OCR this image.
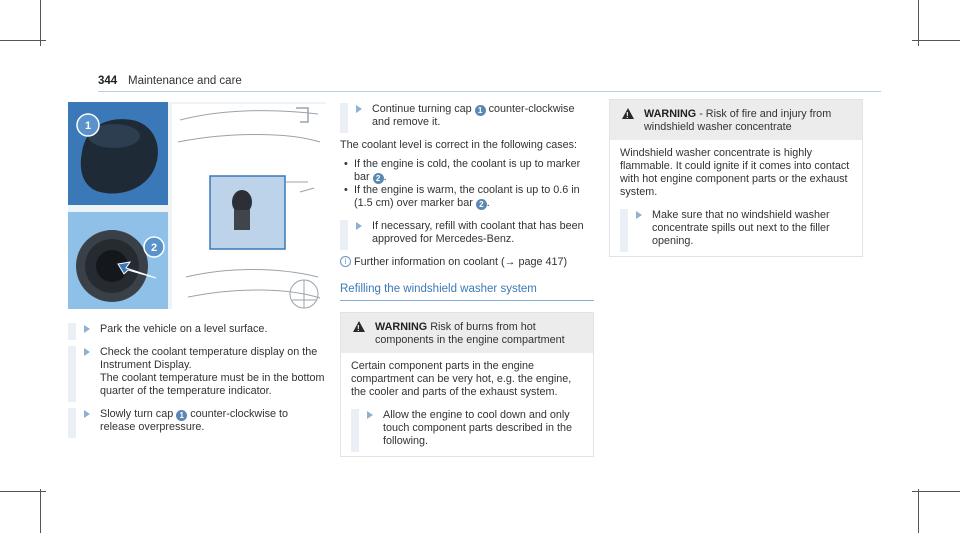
344 Maintenance and care
1
2
Park the vehicle on a level surface.
Check the coolant temperature display on the Instrument Display.
The coolant temperature must be in the bottom quarter of the temperature indicator.
Slowly turn cap 1 counter-clockwise to release overpressure.
Continue turning cap 1 counter-clockwise and remove it.

The coolant level is correct in the following cases:

• If the engine is cold, the coolant is up to marker bar 2 .
• If the engine is warm, the coolant is up to 0.6 in (1.5 cm) over marker bar 2 .
If necessary, refill with coolant that has been approved for Mercedes-Benz.
i Further information on coolant (→ page 417)
Refilling the windshield washer system
!
WARNING Risk of burns from hot components in the engine compartment
Certain component parts in the engine compartment can be very hot, e.g. the engine, the cooler and parts of the exhaust system.
Allow the engine to cool down and only touch component parts described in the following.
!
WARNING - Risk of fire and injury from windshield washer concentrate
Windshield washer concentrate is highly flammable. It could ignite if it comes into contact with hot engine component parts or the exhaust system.
Make sure that no windshield washer concentrate spills out next to the filler opening.
